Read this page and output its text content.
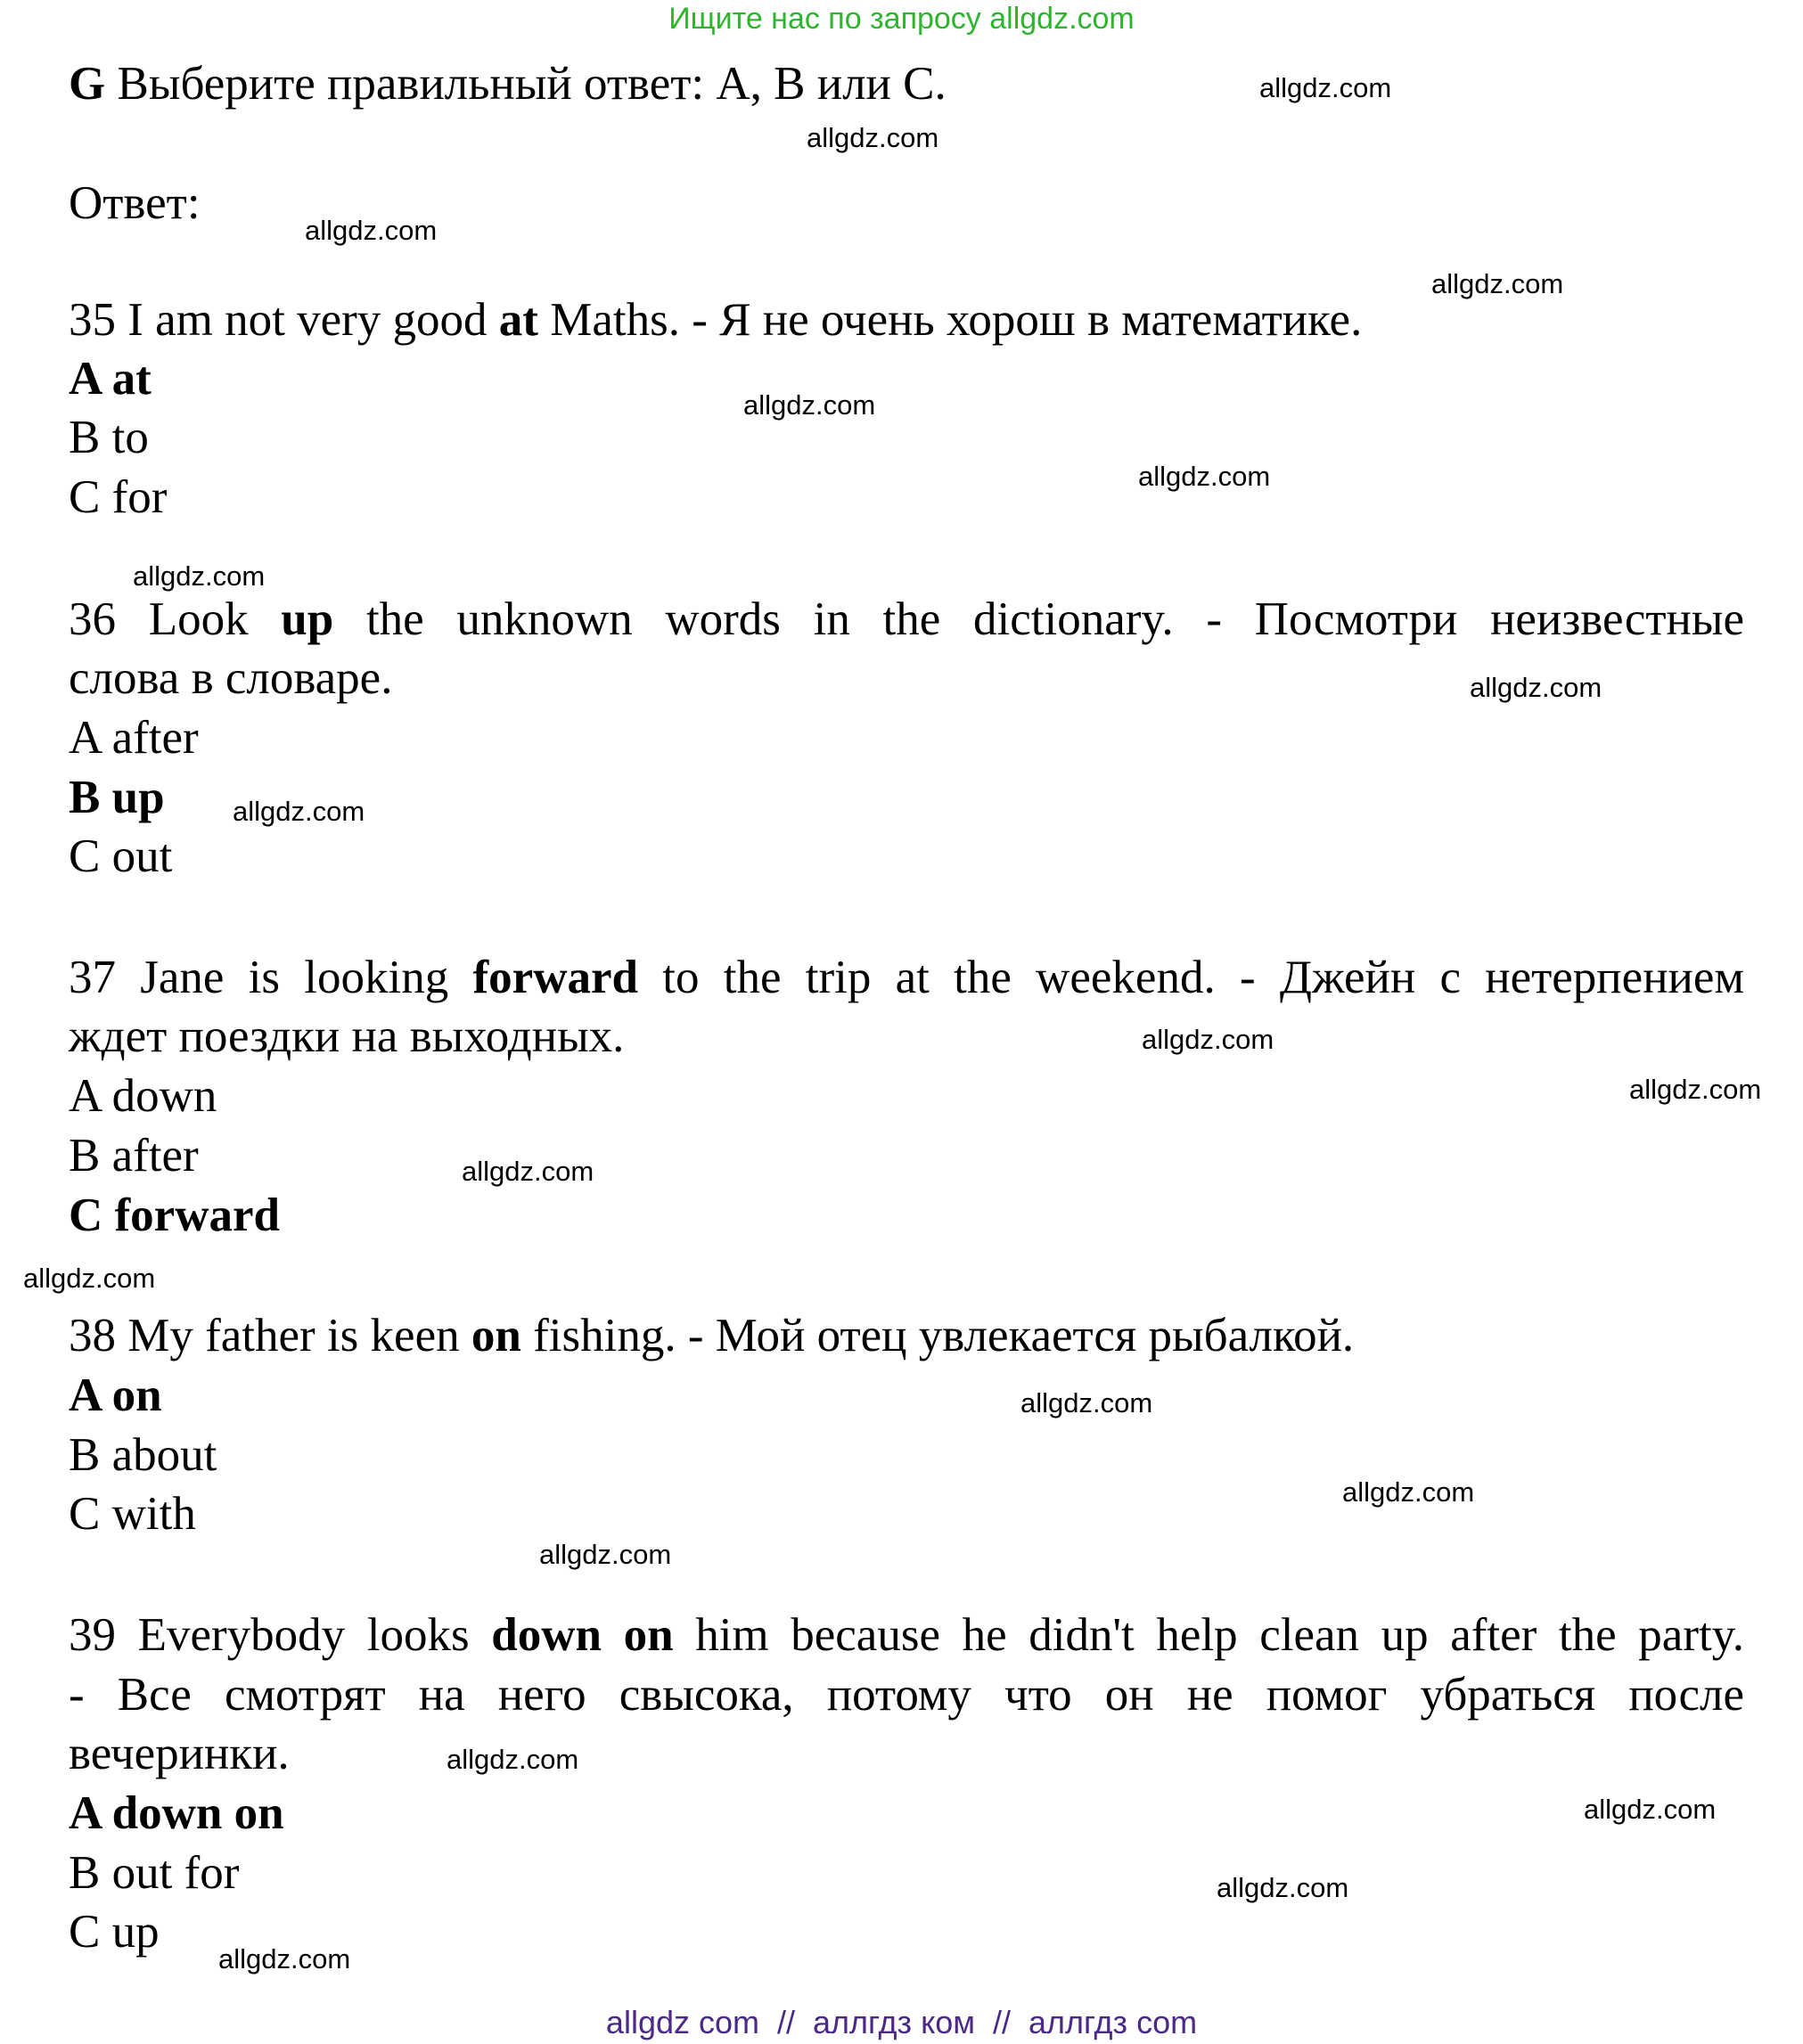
Ищите нас по запросу allgdz.com
G Выберите правильный ответ: A, B или C.
Ответ:
35 I am not very good at Maths. - Я не очень хорош в математике.
A at
B to
C for
36 Look up the unknown words in the dictionary. - Посмотри неизвестные
слова в словаре.
A after
B up
C out
37 Jane is looking forward to the trip at the weekend. - Джейн с нетерпением
ждет поездки на выходных.
A down
B after
C forward
38 My father is keen on fishing. - Мой отец увлекается рыбалкой.
A on
B about
C with
39 Everybody looks down on him because he didn't help clean up after the party.
- Все смотрят на него свысока, потому что он не помог убраться после
вечеринки.
A down on
B out for
C up
allgdz.com
allgdz.com
allgdz.com
allgdz.com
allgdz.com
allgdz.com
allgdz.com
allgdz.com
allgdz.com
allgdz.com
allgdz.com
allgdz.com
allgdz.com
allgdz.com
allgdz.com
allgdz.com
allgdz.com
allgdz.com
allgdz.com
allgdz.com
allgdz com  //  аллгдз ком  //  аллгдз com
